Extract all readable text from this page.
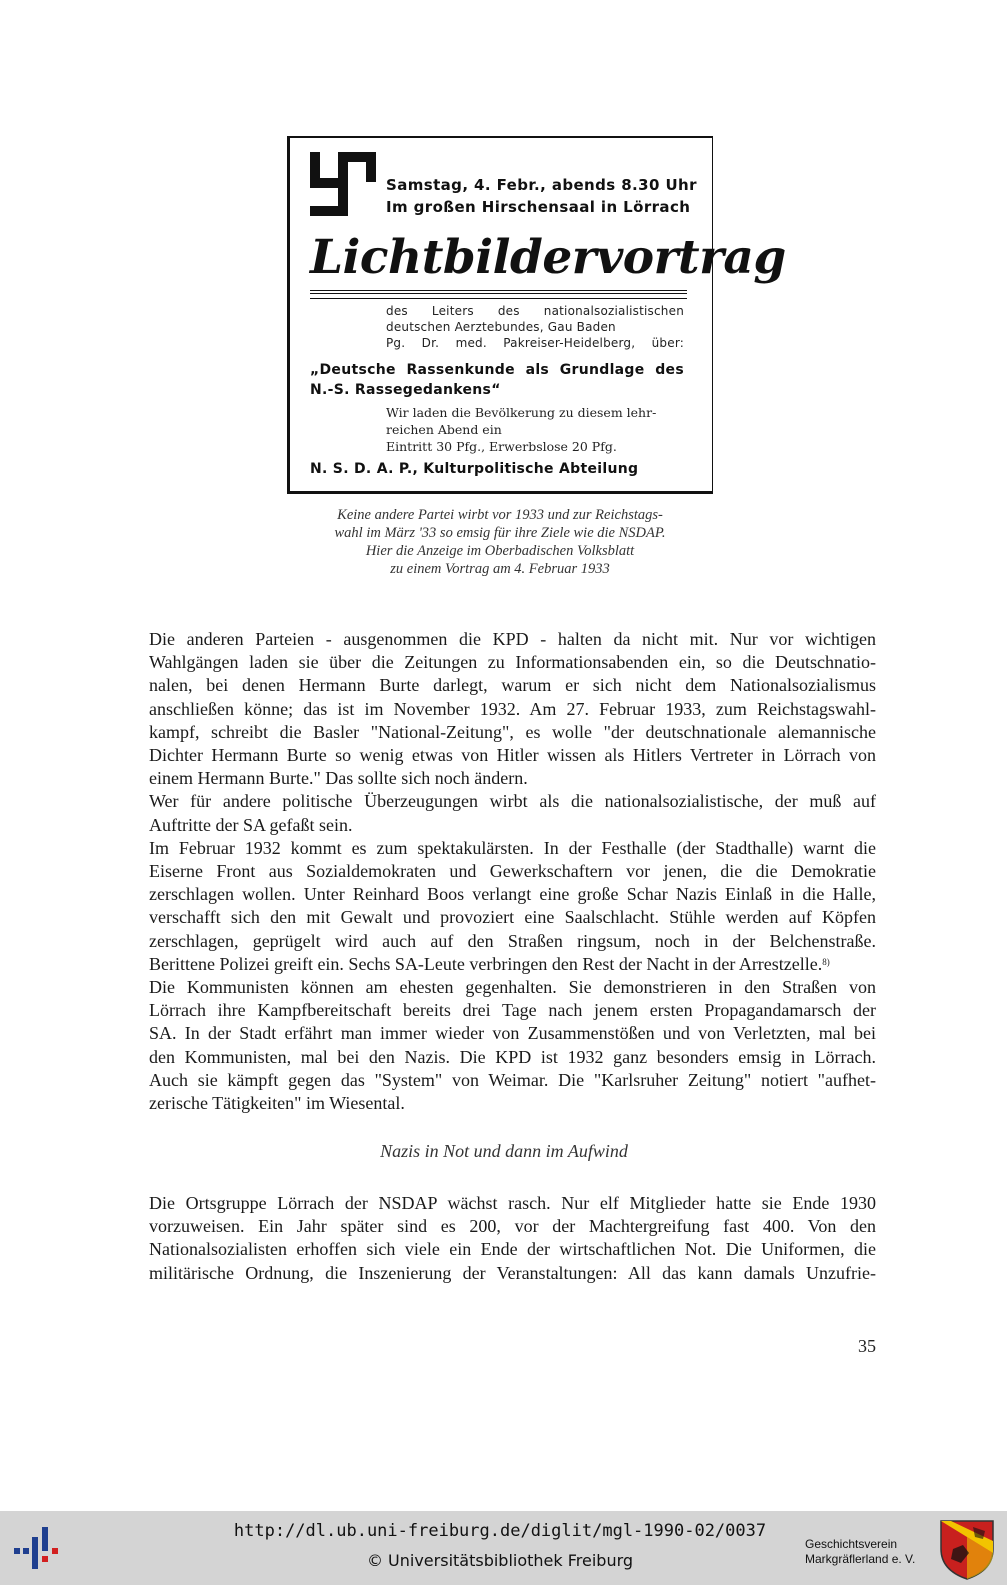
Samstag, 4. Febr., abends 8.30 Uhr
Im großen Hirschensaal in Lörrach
Lichtbildervortrag
des Leiters des nationalsozialistischen
deutschen Aerztebundes, Gau Baden
Pg. Dr. med. Pakreiser-Heidelberg, über:
„Deutsche Rassenkunde als Grundlage des
N.-S. Rassegedankens“
Wir laden die Bevölkerung zu diesem lehr-
reichen Abend ein
Eintritt 30 Pfg., Erwerbslose 20 Pfg.
N. S. D. A. P., Kulturpolitische Abteilung
Keine andere Partei wirbt vor 1933 und zur Reichstags-
wahl im März '33 so emsig für ihre Ziele wie die NSDAP.
Hier die Anzeige im Oberbadischen Volksblatt
zu einem Vortrag am 4. Februar 1933

Die anderen Parteien - ausgenommen die KPD - halten da nicht mit. Nur vor wichtigen
Wahlgängen laden sie über die Zeitungen zu Informationsabenden ein, so die Deutschnatio-
nalen, bei denen Hermann Burte darlegt, warum er sich nicht dem Nationalsozialismus
anschließen könne; das ist im November 1932. Am 27. Februar 1933, zum Reichstagswahl-
kampf, schreibt die Basler "National-Zeitung", es wolle "der deutschnationale alemannische
Dichter Hermann Burte so wenig etwas von Hitler wissen als Hitlers Vertreter in Lörrach von
einem Hermann Burte." Das sollte sich noch ändern.

Wer für andere politische Überzeugungen wirbt als die nationalsozialistische, der muß auf
Auftritte der SA gefaßt sein.

Im Februar 1932 kommt es zum spektakulärsten. In der Festhalle (der Stadthalle) warnt die
Eiserne Front aus Sozialdemokraten und Gewerkschaftern vor jenen, die die Demokratie
zerschlagen wollen. Unter Reinhard Boos verlangt eine große Schar Nazis Einlaß in die Halle,
verschafft sich den mit Gewalt und provoziert eine Saalschlacht. Stühle werden auf Köpfen
zerschlagen, geprügelt wird auch auf den Straßen ringsum, noch in der Belchenstraße.
Berittene Polizei greift ein. Sechs SA-Leute verbringen den Rest der Nacht in der Arrestzelle.$^{8)}$

Die Kommunisten können am ehesten gegenhalten. Sie demonstrieren in den Straßen von
Lörrach ihre Kampfbereitschaft bereits drei Tage nach jenem ersten Propagandamarsch der
SA. In der Stadt erfährt man immer wieder von Zusammenstößen und von Verletzten, mal bei
den Kommunisten, mal bei den Nazis. Die KPD ist 1932 ganz besonders emsig in Lörrach.
Auch sie kämpft gegen das "System" von Weimar. Die "Karlsruher Zeitung" notiert "aufhet-
zerische Tätigkeiten" im Wiesental.

Nazis in Not und dann im Aufwind

Die Ortsgruppe Lörrach der NSDAP wächst rasch. Nur elf Mitglieder hatte sie Ende 1930
vorzuweisen. Ein Jahr später sind es 200, vor der Machtergreifung fast 400. Von den
Nationalsozialisten erhoffen sich viele ein Ende der wirtschaftlichen Not. Die Uniformen, die
militärische Ordnung, die Inszenierung der Veranstaltungen: All das kann damals Unzufrie-

35
http://dl.ub.uni-freiburg.de/diglit/mgl-1990-02/0037
© Universitätsbibliothek Freiburg
Geschichtsverein
Markgräflerland e. V.
